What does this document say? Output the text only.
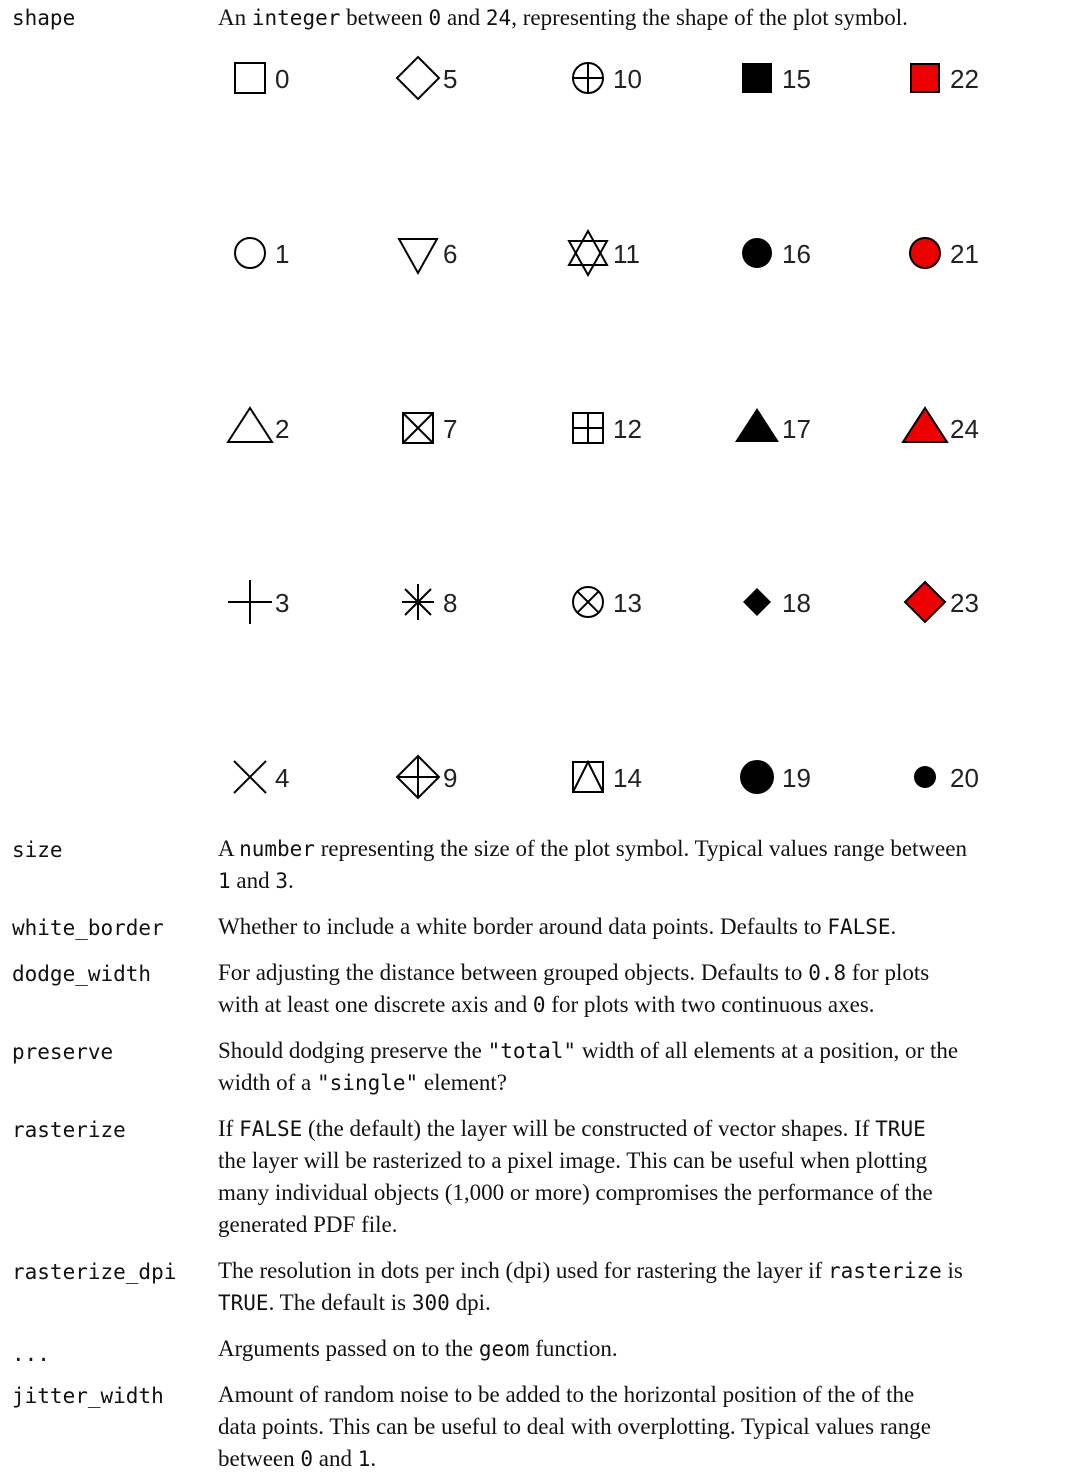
shape	An integer between 0 and 24, representing the shape of the plot symbol.
0	5	10	15	22
1	6	11	16	21
2	7	12	17	24
3	8	13	18	23
4	9	14	19	20
size	A number representing the size of the plot symbol. Typical values range between
1 and 3.
white_border Whether to include a white border around data points. Defaults to FALSE.
dodge_width	For adjusting the distance between grouped objects. Defaults to 0.8 for plots
with at least one discrete axis and 0 for plots with two continuous axes.
preserve	Should dodging preserve the "total" width of all elements at a position, or the
width of a "single" element?
rasterize	If FALSE (the default) the layer will be constructed of vector shapes. If TRUE
the layer will be rasterized to a pixel image. This can be useful when plotting
many individual objects (1,000 or more) compromises the performance of the
generated PDF file.
rasterize_dpi The resolution in dots per inch (dpi) used for rastering the layer if rasterize is
TRUE. The default is 300 dpi.
...	Arguments passed on to the geom function.
jitter_width Amount of random noise to be added to the horizontal position of the of the
data points. This can be useful to deal with overplotting. Typical values range
between 0 and 1.
